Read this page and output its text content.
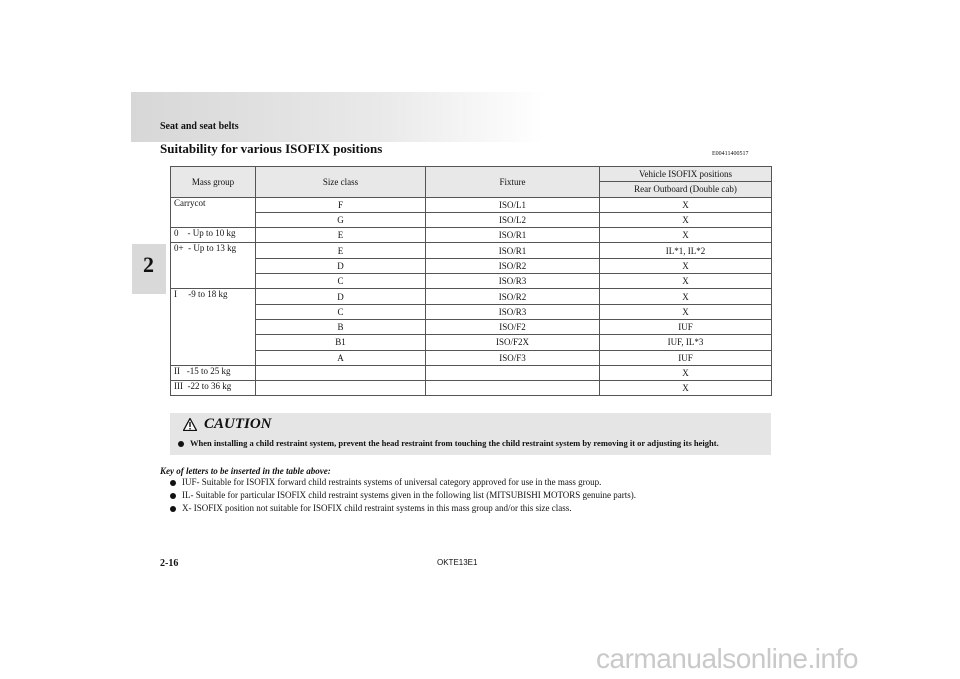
Seat and seat belts
2
Suitability for various ISOFIX positions	E00411400517
Mass group	Size class	Fixture	Vehicle ISOFIX positions
			Rear Outboard (Double cab)
Carrycot	F	ISO/L1	X
	G	ISO/L2	X
0    - Up to 10 kg	E	ISO/R1	X
0+  - Up to 13 kg	E	ISO/R1	IL*1, IL*2
	D	ISO/R2	X
	C	ISO/R3	X
I     -9 to 18 kg	D	ISO/R2	X
	C	ISO/R3	X
	B	ISO/F2	IUF
	B1	ISO/F2X	IUF, IL*3
	A	ISO/F3	IUF
II   -15 to 25 kg			X
III  -22 to 36 kg			X
CAUTION
When installing a child restraint system, prevent the head restraint from touching the child restraint system by removing it or adjusting its height.
Key of letters to be inserted in the table above:
IUF- Suitable for ISOFIX forward child restraints systems of universal category approved for use in the mass group.
IL- Suitable for particular ISOFIX child restraint systems given in the following list (MITSUBISHI MOTORS genuine parts).
X- ISOFIX position not suitable for ISOFIX child restraint systems in this mass group and/or this size class.
2-16	OKTE13E1
carmanualsonline.info
